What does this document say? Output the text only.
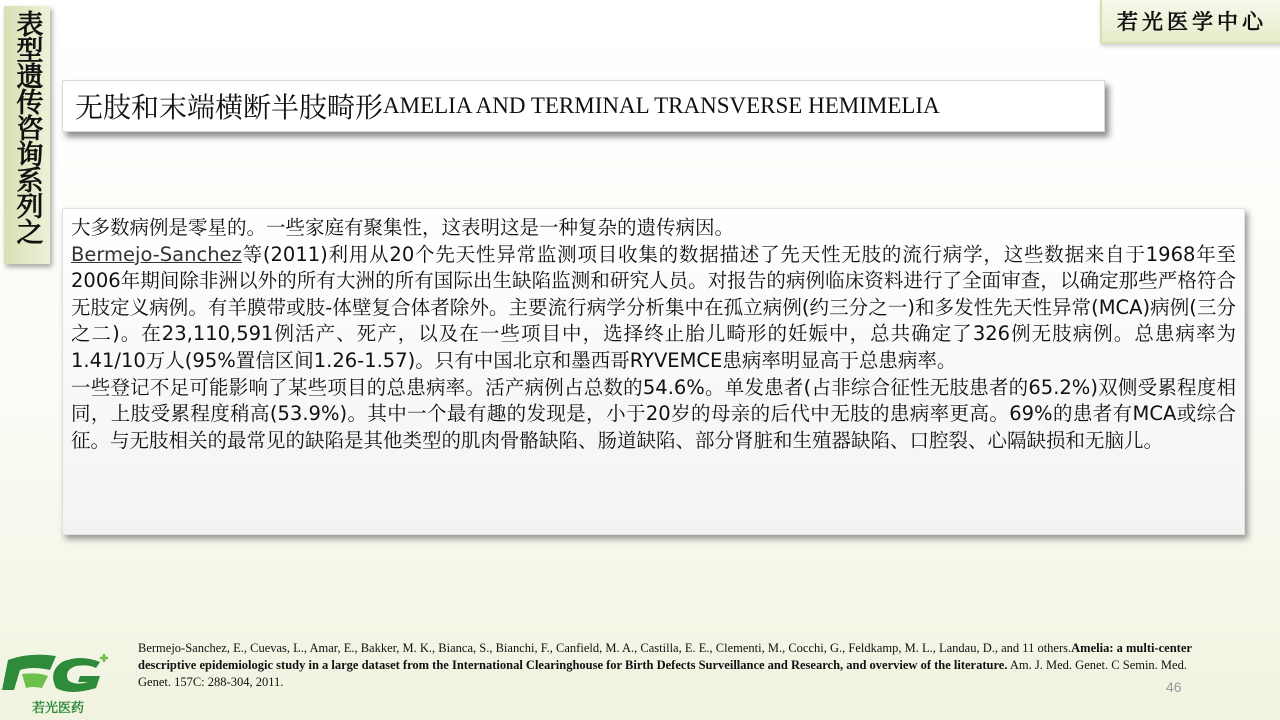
表型遗传咨询系列之	若光医学中心
无肢和末端横断半肢畸形 AMELIA AND TERMINAL TRANSVERSE HEMIMELIA

大多数病例是零星的。一些家庭有聚集性，这表明这是一种复杂的遗传病因。

Bermejo-Sanchez等(2011)利用从20个先天性异常监测项目收集的数据描述了先天性无肢的流行病学，这些数据来自于1968年至2006年期间除非洲以外的所有大洲的所有国际出生缺陷监测和研究人员。对报告的病例临床资料进行了全面审查，以确定那些严格符合无肢定义病例。有羊膜带或肢-体壁复合体者除外。主要流行病学分析集中在孤立病例(约三分之一)和多发性先天性异常(MCA)病例(三分之二)。在23,110,591例活产、死产，以及在一些项目中，选择终止胎儿畸形的妊娠中，总共确定了326例无肢病例。总患病率为1.41/10万人(95%置信区间1.26-1.57)。只有中国北京和墨西哥RYVEMCE患病率明显高于总患病率。

一些登记不足可能影响了某些项目的总患病率。活产病例占总数的54.6%。单发患者(占非综合征性无肢患者的65.2%)双侧受累程度相同，上肢受累程度稍高(53.9%)。其中一个最有趣的发现是，小于20岁的母亲的后代中无肢的患病率更高。69%的患者有MCA或综合征。与无肢相关的最常见的缺陷是其他类型的肌肉骨骼缺陷、肠道缺陷、部分肾脏和生殖器缺陷、口腔裂、心隔缺损和无脑儿。

Bermejo-Sanchez, E., Cuevas, L., Amar, E., Bakker, M. K., Bianca, S., Bianchi, F., Canfield, M. A., Castilla, E. E., Clementi, M., Cocchi, G., Feldkamp, M. L., Landau, D., and 11 others.Amelia: a multi-center descriptive epidemiologic study in a large dataset from the International Clearinghouse for Birth Defects Surveillance and Research, and overview of the literature. Am. J. Med. Genet. C Semin. Med. Genet. 157C: 288-304, 2011.	46
若光医药
